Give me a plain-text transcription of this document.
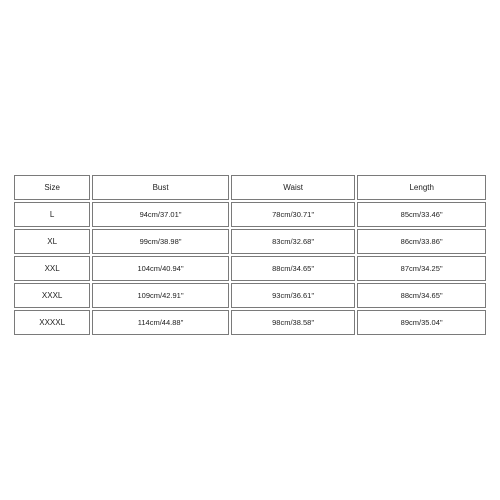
Size	Bust	Waist	Length
L	94cm/37.01''	78cm/30.71''	85cm/33.46''
XL	99cm/38.98''	83cm/32.68''	86cm/33.86''
XXL	104cm/40.94''	88cm/34.65''	87cm/34.25''
XXXL	109cm/42.91''	93cm/36.61''	88cm/34.65''
XXXXL	114cm/44.88''	98cm/38.58''	89cm/35.04''
